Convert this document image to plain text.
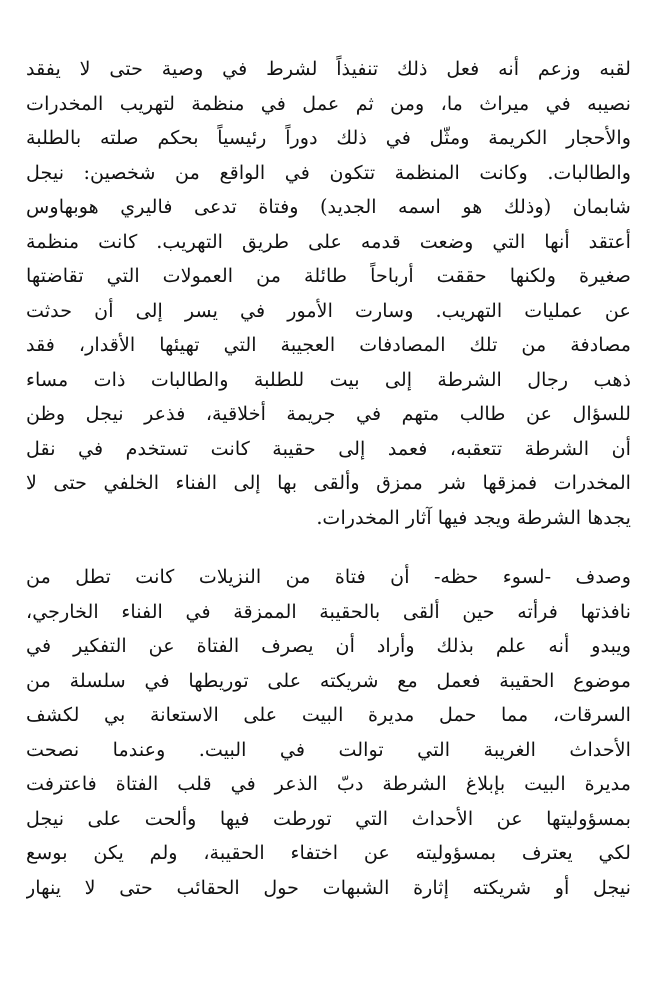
لقبه وزعم أنه فعل ذلك تنفيذاً لشرط في وصية حتى لا يفقد
نصيبه في ميراث ما، ومن ثم عمل في منظمة لتهريب المخدرات
والأحجار الكريمة ومثّل في ذلك دوراً رئيسياً بحكم صلته بالطلبة
والطالبات. وكانت المنظمة تتكون في الواقع من شخصين: نيجل
شابمان (وذلك هو اسمه الجديد) وفتاة تدعى فاليري هوبهاوس
أعتقد أنها التي وضعت قدمه على طريق التهريب. كانت منظمة
صغيرة ولكنها حققت أرباحاً طائلة من العمولات التي تقاضتها
عن عمليات التهريب. وسارت الأمور في يسر إلى أن حدثت
مصادفة من تلك المصادفات العجيبة التي تهيئها الأقدار، فقد
ذهب رجال الشرطة إلى بيت للطلبة والطالبات ذات مساء
للسؤال عن طالب متهم في جريمة أخلاقية، فذعر نيجل وظن
أن الشرطة تتعقبه، فعمد إلى حقيبة كانت تستخدم في نقل
المخدرات فمزقها شر ممزق وألقى بها إلى الفناء الخلفي حتى لا
يجدها الشرطة ويجد فيها آثار المخدرات.
وصدف -لسوء حظه- أن فتاة من النزيلات كانت تطل من
نافذتها فرأته حين ألقى بالحقيبة الممزقة في الفناء الخارجي،
ويبدو أنه علم بذلك وأراد أن يصرف الفتاة عن التفكير في
موضوع الحقيبة فعمل مع شريكته على توريطها في سلسلة من
السرقات، مما حمل مديرة البيت على الاستعانة بي لكشف
الأحداث الغريبة التي توالت في البيت. وعندما نصحت
مديرة البيت بإبلاغ الشرطة دبّ الذعر في قلب الفتاة فاعترفت
بمسؤوليتها عن الأحداث التي تورطت فيها وألحت على نيجل
لكي يعترف بمسؤوليته عن اختفاء الحقيبة، ولم يكن بوسع
نيجل أو شريكته إثارة الشبهات حول الحقائب حتى لا ينهار
